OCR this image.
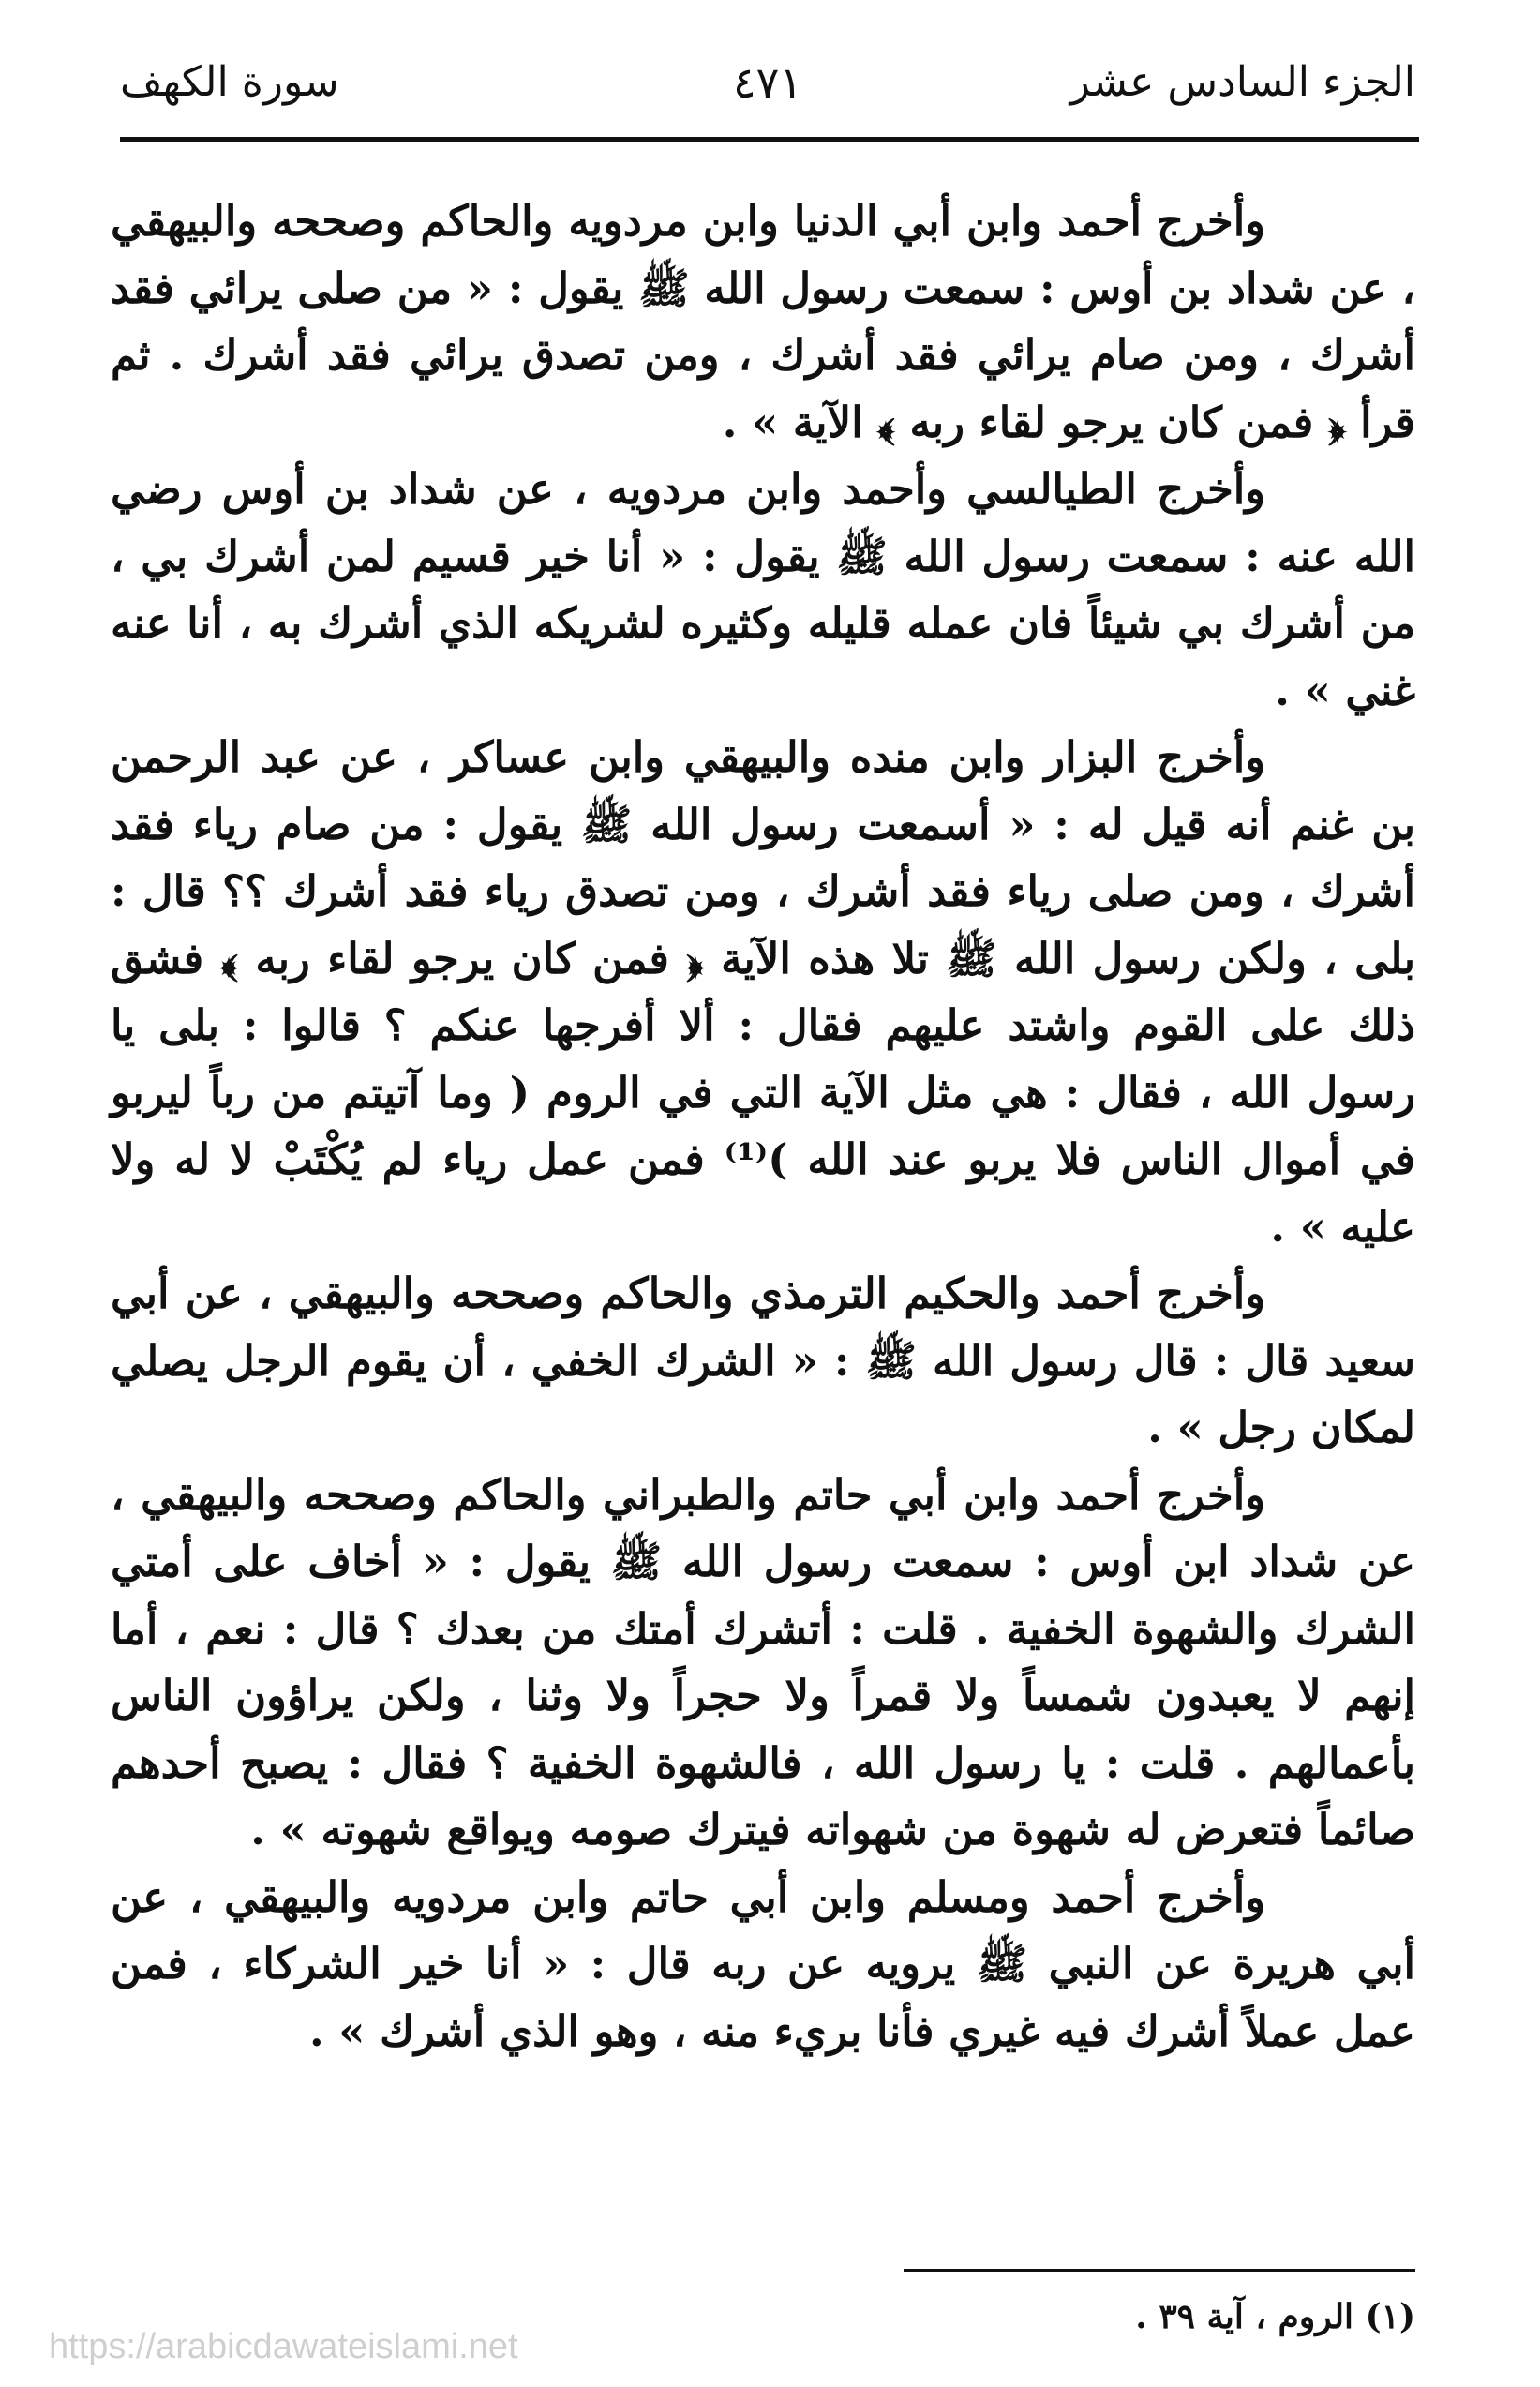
سورة الكهف	٤٧١	الجزء السادس عشر

وأخرج أحمد وابن أبي الدنيا وابن مردويه والحاكم وصححه والبيهقي ، عن شداد بن أوس : سمعت رسول الله ﷺ يقول : « من صلى يرائي فقد أشرك ، ومن صام يرائي فقد أشرك ، ومن تصدق يرائي فقد أشرك . ثم قرأ ﴿ فمن كان يرجو لقاء ربه ﴾ الآية » .

وأخرج الطيالسي وأحمد وابن مردويه ، عن شداد بن أوس رضي الله عنه : سمعت رسول الله ﷺ يقول : « أنا خير قسيم لمن أشرك بي ، من أشرك بي شيئاً فان عمله قليله وكثيره لشريكه الذي أشرك به ، أنا عنه غني » .

وأخرج البزار وابن منده والبيهقي وابن عساكر ، عن عبد الرحمن بن غنم أنه قيل له : « أسمعت رسول الله ﷺ يقول : من صام رياء فقد أشرك ، ومن صلى رياء فقد أشرك ، ومن تصدق رياء فقد أشرك ؟؟ قال : بلى ، ولكن رسول الله ﷺ تلا هذه الآية ﴿ فمن كان يرجو لقاء ربه ﴾ فشق ذلك على القوم واشتد عليهم فقال : ألا أفرجها عنكم ؟ قالوا : بلى يا رسول الله ، فقال : هي مثل الآية التي في الروم ( وما آتيتم من رباً ليربو في أموال الناس فلا يربو عند الله )⁽¹⁾ فمن عمل رياء لم يُكْتَبْ لا له ولا عليه » .

وأخرج أحمد والحكيم الترمذي والحاكم وصححه والبيهقي ، عن أبي سعيد قال : قال رسول الله ﷺ : « الشرك الخفي ، أن يقوم الرجل يصلي لمكان رجل » .

وأخرج أحمد وابن أبي حاتم والطبراني والحاكم وصححه والبيهقي ، عن شداد ابن أوس : سمعت رسول الله ﷺ يقول : « أخاف على أمتي الشرك والشهوة الخفية . قلت : أتشرك أمتك من بعدك ؟ قال : نعم ، أما إنهم لا يعبدون شمساً ولا قمراً ولا حجراً ولا وثنا ، ولكن يراؤون الناس بأعمالهم . قلت : يا رسول الله ، فالشهوة الخفية ؟ فقال : يصبح أحدهم صائماً فتعرض له شهوة من شهواته فيترك صومه ويواقع شهوته » .

وأخرج أحمد ومسلم وابن أبي حاتم وابن مردويه والبيهقي ، عن أبي هريرة عن النبي ﷺ يرويه عن ربه قال : « أنا خير الشركاء ، فمن عمل عملاً أشرك فيه غيري فأنا بريء منه ، وهو الذي أشرك » .

(١) الروم ، آية ٣٩ .
https://arabicdawateislami.net
